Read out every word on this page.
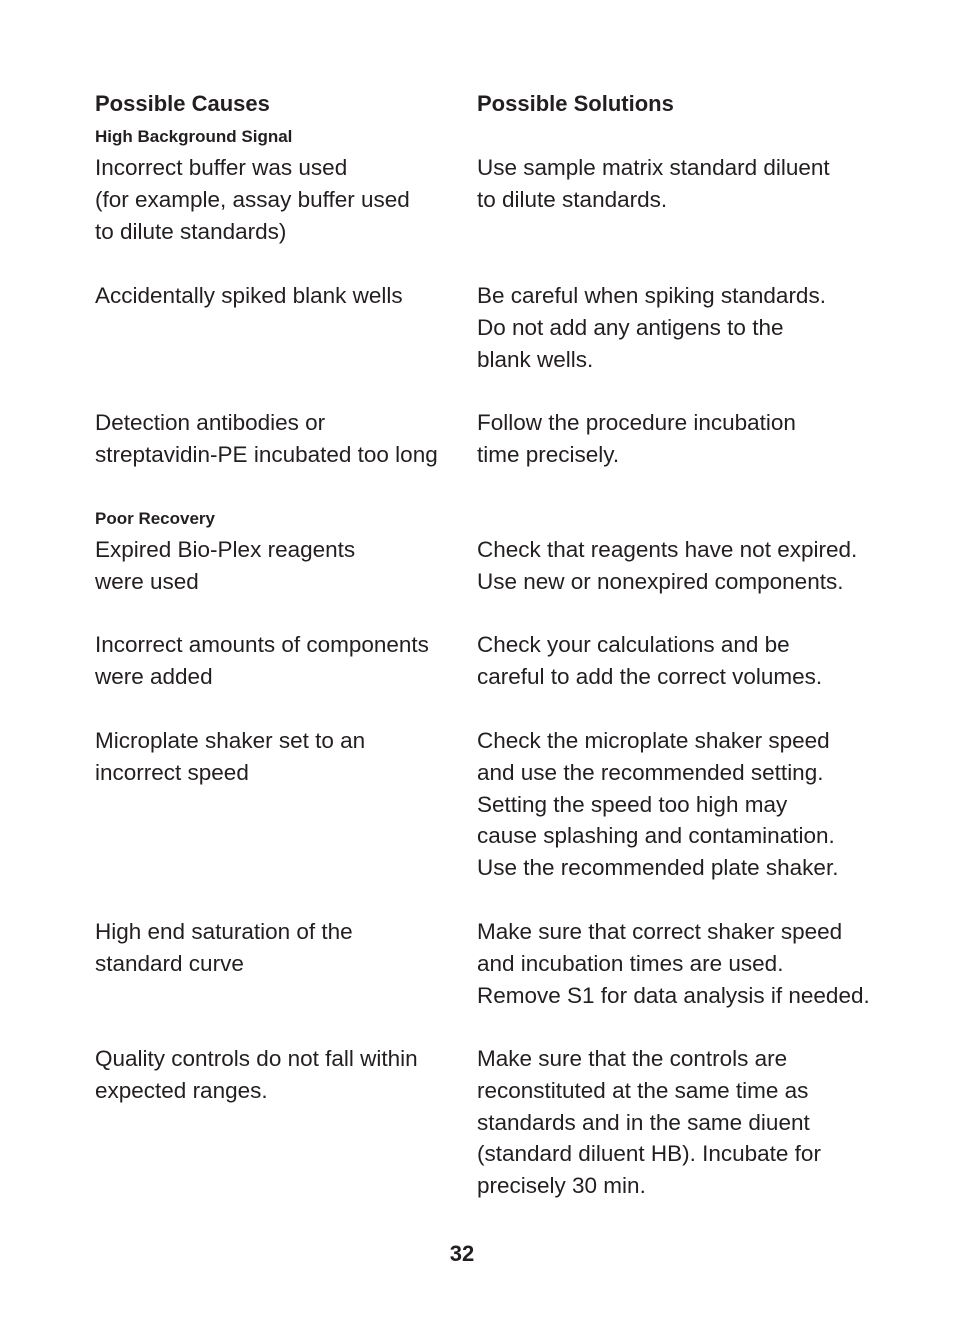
Possible Causes	Possible Solutions
High Background Signal
Incorrect buffer was used
(for example, assay buffer used
to dilute standards)
Use sample matrix standard diluent
to dilute standards.
Accidentally spiked blank wells	Be careful when spiking standards.
Do not add any antigens to the
blank wells.
Detection antibodies or
streptavidin-PE incubated too long
Follow the procedure incubation
time precisely.
Poor Recovery
Expired Bio-Plex reagents
were used
Check that reagents have not expired.
Use new or nonexpired components.
Incorrect amounts of components
were added
Check your calculations and be
careful to add the correct volumes.
Microplate shaker set to an
incorrect speed
Check the microplate shaker speed
and use the recommended setting.
Setting the speed too high may
cause splashing and contamination.
Use the recommended plate shaker.
High end saturation of the
standard curve
Make sure that correct shaker speed
and incubation times are used.
Remove S1 for data analysis if needed.
Quality controls do not fall within
expected ranges.
Make sure that the controls are
reconstituted at the same time as
standards and in the same diuent
(standard diluent HB). Incubate for
precisely 30 min.
32
